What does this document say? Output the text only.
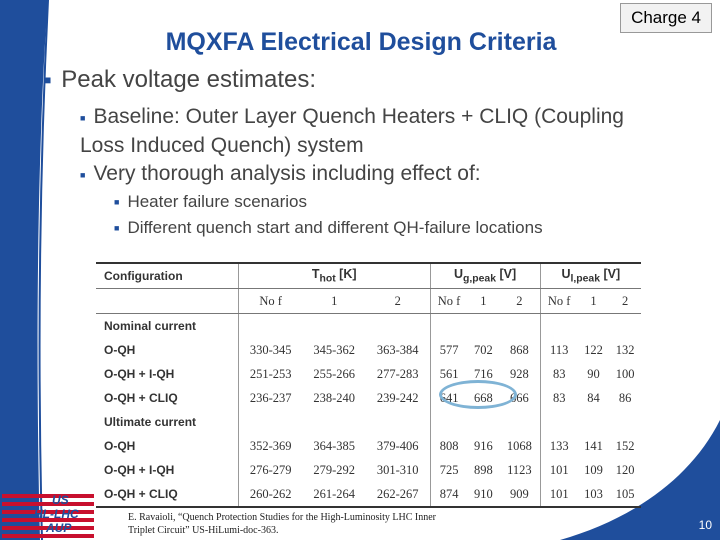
MQXFA Electrical Design Criteria
Charge 4
■ Peak voltage estimates:
■ Baseline: Outer Layer Quench Heaters + CLIQ (Coupling Loss Induced Quench) system
■ Very thorough analysis including effect of:
■ Heater failure scenarios
■ Different quench start and different QH-failure locations
Configuration	$T_{hot}$ [K]			$U_{g,peak}$ [V]			$U_{l,peak}$ [V]		
	No f	1	2	No f	1	2	No f	1	2
Nominal current									
O-QH	330-345	345-362	363-384	577	702	868	113	122	132
O-QH + I-QH	251-253	255-266	277-283	561	716	928	83	90	100
O-QH + CLIQ	236-237	238-240	239-242	641	668	666	83	84	86
Ultimate current									
O-QH	352-369	364-385	379-406	808	916	1068	133	141	152
O-QH + I-QH	276-279	279-292	301-310	725	898	1123	101	109	120
O-QH + CLIQ	260-262	261-264	262-267	874	910	909	101	103	105
E. Ravaioli, “Quench Protection Studies for the High-Luminosity LHC Inner
Triplet Circuit” US-HiLumi-doc-363.
US
HL-LHC
AUP	10
